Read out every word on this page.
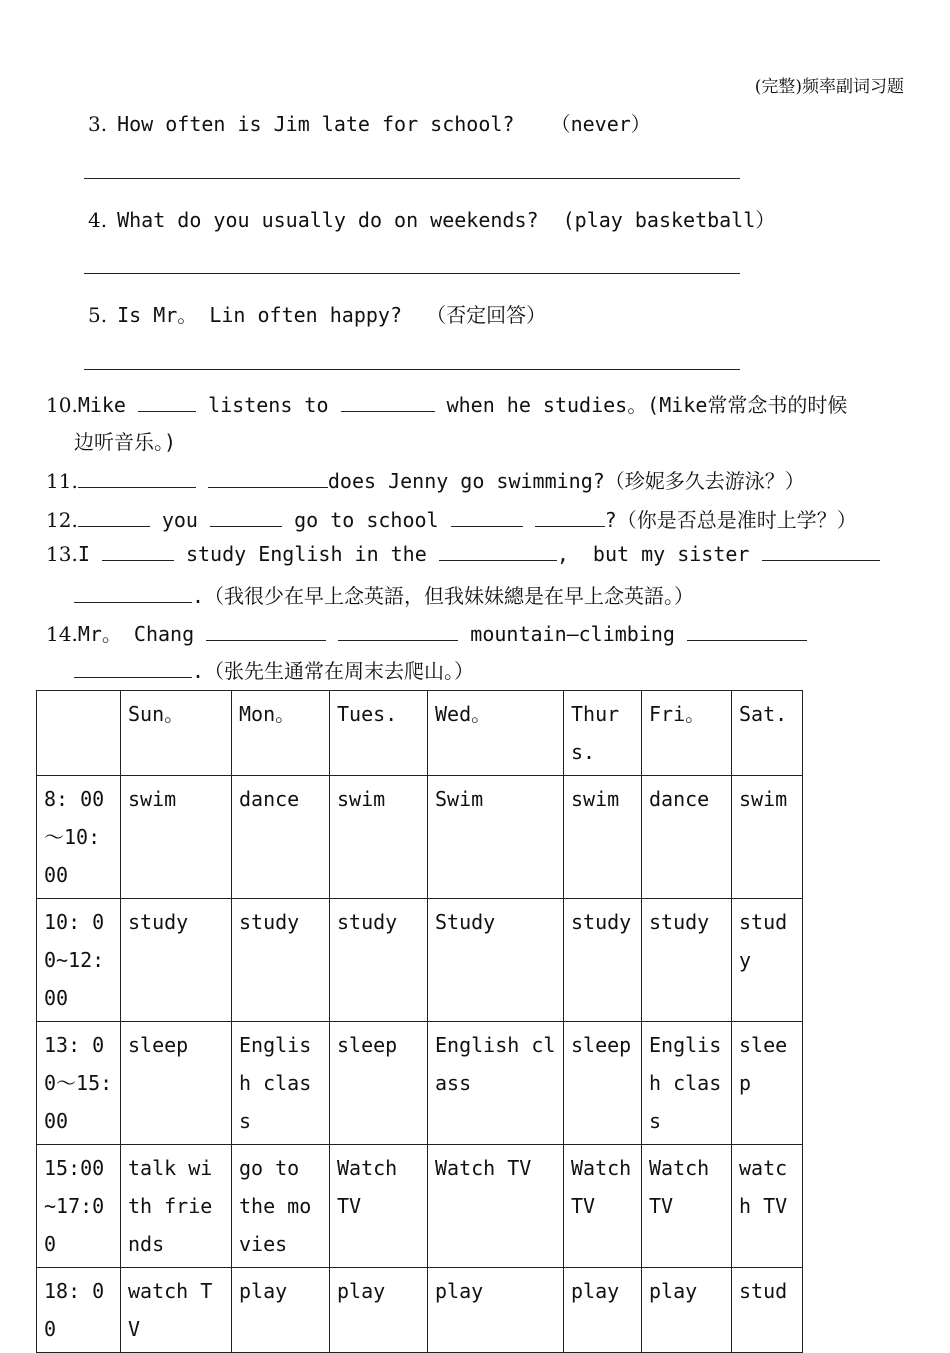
(完整)频率副词习题
3. How often is Jim late for school?   （never）
4. What do you usually do on weekends?  (play basketball）
5. Is Mr。 Lin often happy?  （否定回答）
10.Mike	listens to	when he studies。(Mike常常念书的时候
边听音乐。)
11.	does Jenny go swimming?（珍妮多久去游泳？）
12.	you	go to school	?（你是否总是准时上学？）
13.I	study English in the	,  but my sister
.（我很少在早上念英語，但我妹妹總是在早上念英語。）
14.Mr。 Chang	mountain—climbing
.（张先生通常在周末去爬山。）
	Sun。	Mon。	Tues.	Wed。	Thurs.	Fri。	Sat.
8: 00～10: 00	swim	dance	swim	Swim	swim	dance	swim
10: 00~12:00	study	study	study	Study	study	study	study
13: 00～15: 00	sleep	English class	sleep	English class	sleep	English class	sleep
15:00~17:00	talk with friends	go to the movies	Watch TV	Watch TV	Watch TV	Watch TV	watch TV
18: 00	watch TV	play	play	play	play	play	stud
